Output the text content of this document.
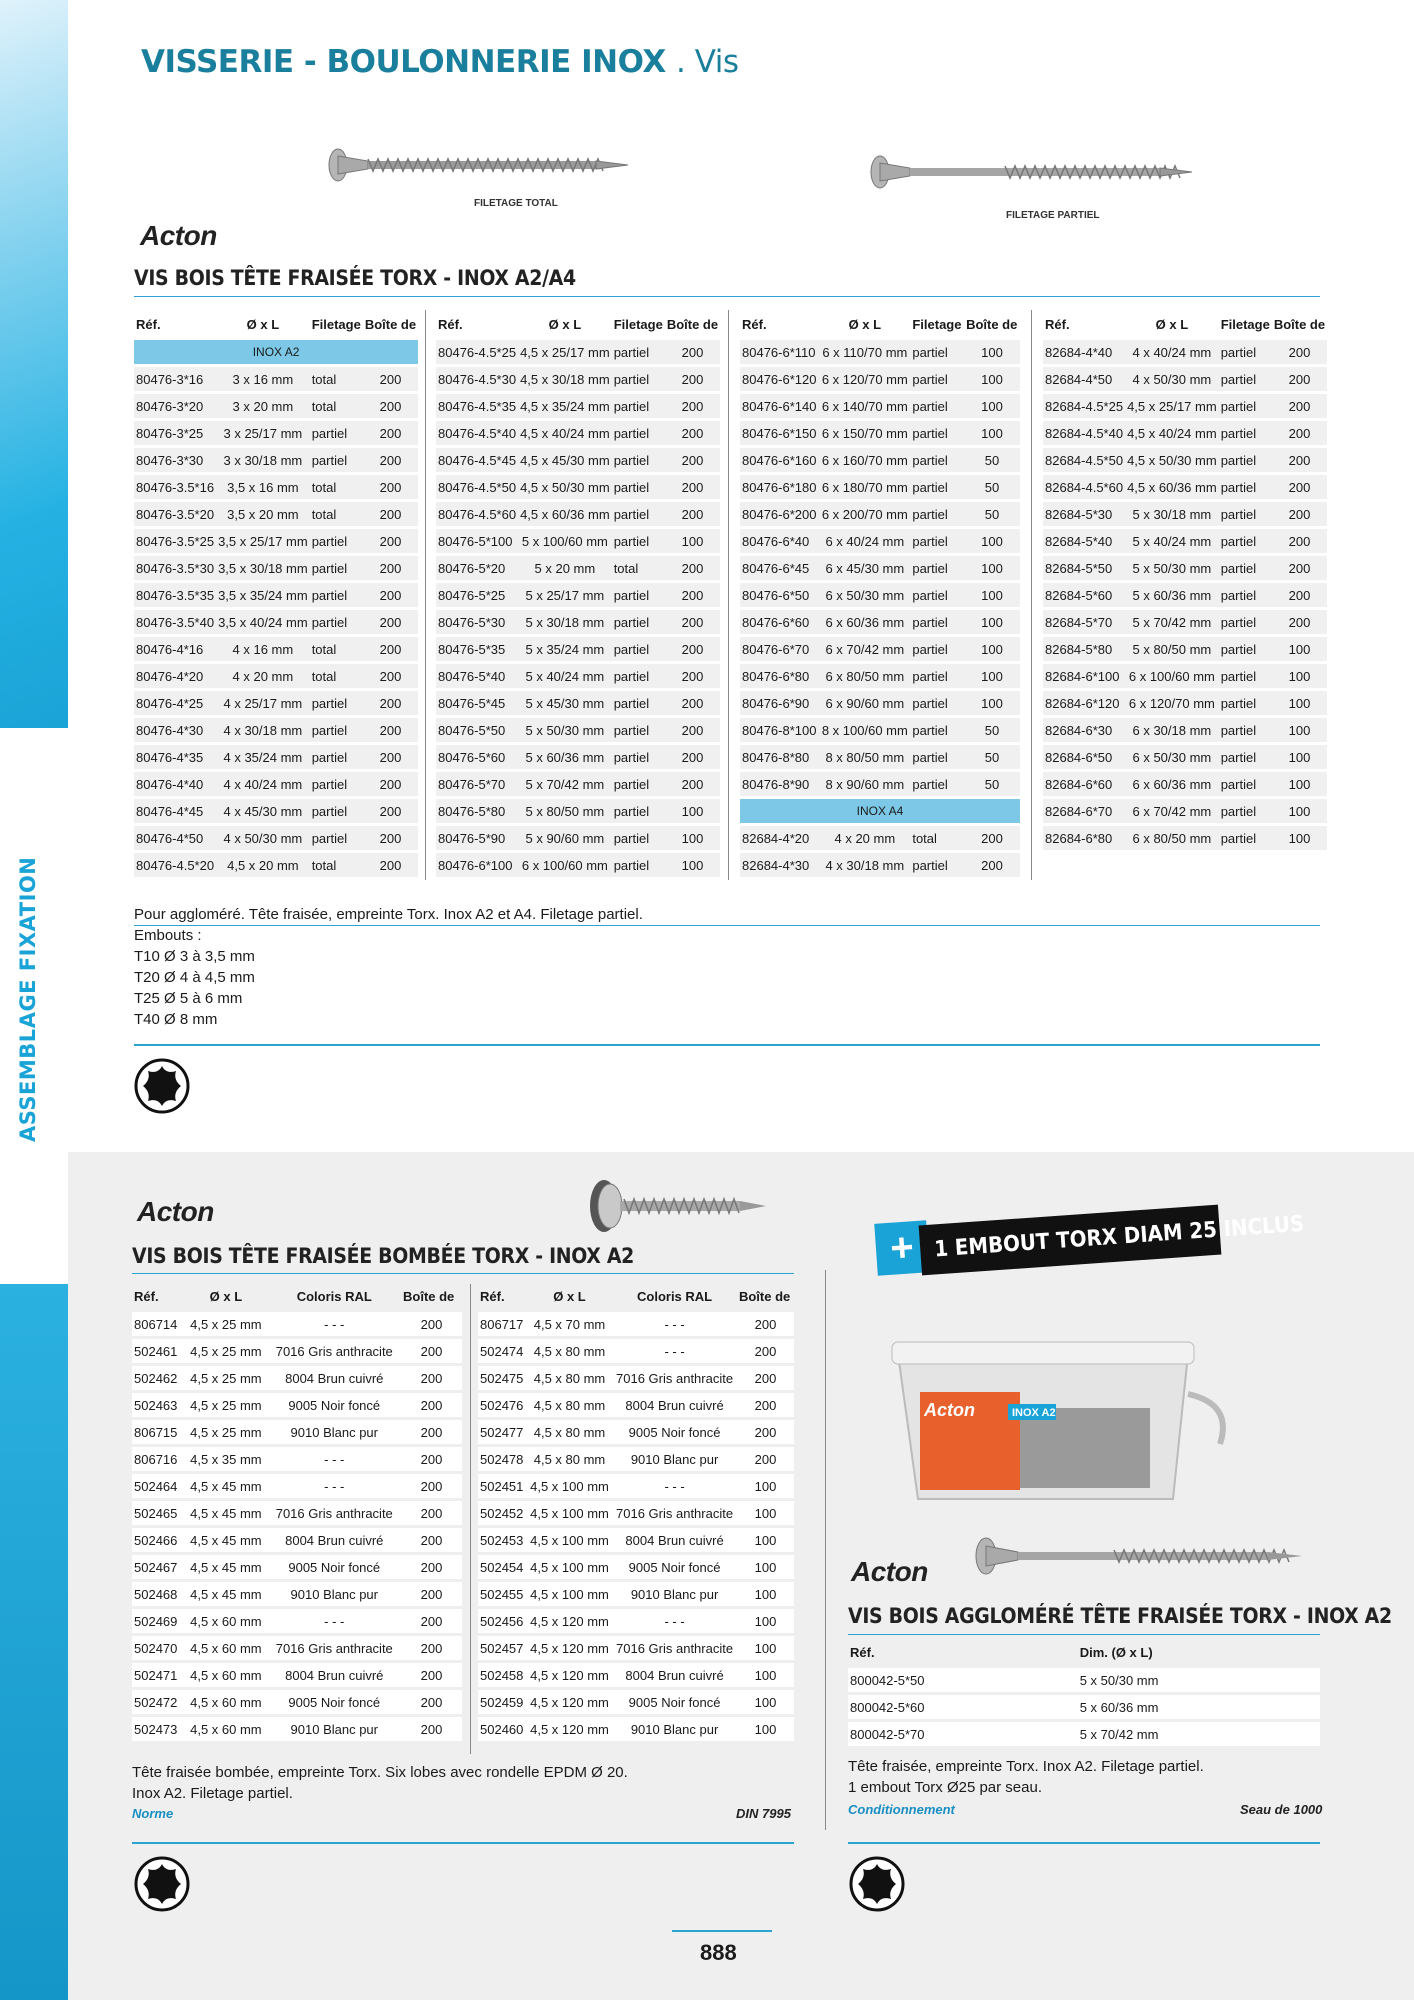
ASSEMBLAGE FIXATION
VISSERIE - BOULONNERIE INOX . Vis
FILETAGE TOTAL
FILETAGE PARTIEL
Acton
VIS BOIS TÊTE FRAISÉE TORX - INOX A2/A4
Réf.	Ø x L	Filetage	Boîte de
INOX A2			
80476-3*16	3 x 16 mm	total	200
80476-3*20	3 x 20 mm	total	200
80476-3*25	3 x 25/17 mm	partiel	200
80476-3*30	3 x 30/18 mm	partiel	200
80476-3.5*16	3,5 x 16 mm	total	200
80476-3.5*20	3,5 x 20 mm	total	200
80476-3.5*25	3,5 x 25/17 mm	partiel	200
80476-3.5*30	3,5 x 30/18 mm	partiel	200
80476-3.5*35	3,5 x 35/24 mm	partiel	200
80476-3.5*40	3,5 x 40/24 mm	partiel	200
80476-4*16	4 x 16 mm	total	200
80476-4*20	4 x 20 mm	total	200
80476-4*25	4 x 25/17 mm	partiel	200
80476-4*30	4 x 30/18 mm	partiel	200
80476-4*35	4 x 35/24 mm	partiel	200
80476-4*40	4 x 40/24 mm	partiel	200
80476-4*45	4 x 45/30 mm	partiel	200
80476-4*50	4 x 50/30 mm	partiel	200
80476-4.5*20	4,5 x 20 mm	total	200
Réf.	Ø x L	Filetage	Boîte de
80476-4.5*25	4,5 x 25/17 mm	partiel	200
80476-4.5*30	4,5 x 30/18 mm	partiel	200
80476-4.5*35	4,5 x 35/24 mm	partiel	200
80476-4.5*40	4,5 x 40/24 mm	partiel	200
80476-4.5*45	4,5 x 45/30 mm	partiel	200
80476-4.5*50	4,5 x 50/30 mm	partiel	200
80476-4.5*60	4,5 x 60/36 mm	partiel	200
80476-5*100	5 x 100/60 mm	partiel	100
80476-5*20	5 x 20 mm	total	200
80476-5*25	5 x 25/17 mm	partiel	200
80476-5*30	5 x 30/18 mm	partiel	200
80476-5*35	5 x 35/24 mm	partiel	200
80476-5*40	5 x 40/24 mm	partiel	200
80476-5*45	5 x 45/30 mm	partiel	200
80476-5*50	5 x 50/30 mm	partiel	200
80476-5*60	5 x 60/36 mm	partiel	200
80476-5*70	5 x 70/42 mm	partiel	200
80476-5*80	5 x 80/50 mm	partiel	100
80476-5*90	5 x 90/60 mm	partiel	100
80476-6*100	6 x 100/60 mm	partiel	100
Réf.	Ø x L	Filetage	Boîte de
80476-6*110	6 x 110/70 mm	partiel	100
80476-6*120	6 x 120/70 mm	partiel	100
80476-6*140	6 x 140/70 mm	partiel	100
80476-6*150	6 x 150/70 mm	partiel	100
80476-6*160	6 x 160/70 mm	partiel	50
80476-6*180	6 x 180/70 mm	partiel	50
80476-6*200	6 x 200/70 mm	partiel	50
80476-6*40	6 x 40/24 mm	partiel	100
80476-6*45	6 x 45/30 mm	partiel	100
80476-6*50	6 x 50/30 mm	partiel	100
80476-6*60	6 x 60/36 mm	partiel	100
80476-6*70	6 x 70/42 mm	partiel	100
80476-6*80	6 x 80/50 mm	partiel	100
80476-6*90	6 x 90/60 mm	partiel	100
80476-8*100	8 x 100/60 mm	partiel	50
80476-8*80	8 x 80/50 mm	partiel	50
80476-8*90	8 x 90/60 mm	partiel	50
INOX A4			
82684-4*20	4 x 20 mm	total	200
82684-4*30	4 x 30/18 mm	partiel	200
Réf.	Ø x L	Filetage	Boîte de
82684-4*40	4 x 40/24 mm	partiel	200
82684-4*50	4 x 50/30 mm	partiel	200
82684-4.5*25	4,5 x 25/17 mm	partiel	200
82684-4.5*40	4,5 x 40/24 mm	partiel	200
82684-4.5*50	4,5 x 50/30 mm	partiel	200
82684-4.5*60	4,5 x 60/36 mm	partiel	200
82684-5*30	5 x 30/18 mm	partiel	200
82684-5*40	5 x 40/24 mm	partiel	200
82684-5*50	5 x 50/30 mm	partiel	200
82684-5*60	5 x 60/36 mm	partiel	200
82684-5*70	5 x 70/42 mm	partiel	200
82684-5*80	5 x 80/50 mm	partiel	100
82684-6*100	6 x 100/60 mm	partiel	100
82684-6*120	6 x 120/70 mm	partiel	100
82684-6*30	6 x 30/18 mm	partiel	100
82684-6*50	6 x 50/30 mm	partiel	100
82684-6*60	6 x 60/36 mm	partiel	100
82684-6*70	6 x 70/42 mm	partiel	100
82684-6*80	6 x 80/50 mm	partiel	100
Pour aggloméré. Tête fraisée, empreinte Torx. Inox A2 et A4. Filetage partiel.
Embouts :
T10 Ø 3 à 3,5 mm
T20 Ø 4 à 4,5 mm
T25 Ø 5 à 6 mm
T40 Ø 8 mm
Acton
VIS BOIS TÊTE FRAISÉE BOMBÉE TORX - INOX A2
Réf.	Ø x L	Coloris RAL	Boîte de
806714	4,5 x 25 mm	- - -	200
502461	4,5 x 25 mm	7016 Gris anthracite	200
502462	4,5 x 25 mm	8004 Brun cuivré	200
502463	4,5 x 25 mm	9005 Noir foncé	200
806715	4,5 x 25 mm	9010 Blanc pur	200
806716	4,5 x 35 mm	- - -	200
502464	4,5 x 45 mm	- - -	200
502465	4,5 x 45 mm	7016 Gris anthracite	200
502466	4,5 x 45 mm	8004 Brun cuivré	200
502467	4,5 x 45 mm	9005 Noir foncé	200
502468	4,5 x 45 mm	9010 Blanc pur	200
502469	4,5 x 60 mm	- - -	200
502470	4,5 x 60 mm	7016 Gris anthracite	200
502471	4,5 x 60 mm	8004 Brun cuivré	200
502472	4,5 x 60 mm	9005 Noir foncé	200
502473	4,5 x 60 mm	9010 Blanc pur	200
Réf.	Ø x L	Coloris RAL	Boîte de
806717	4,5 x 70 mm	- - -	200
502474	4,5 x 80 mm	- - -	200
502475	4,5 x 80 mm	7016 Gris anthracite	200
502476	4,5 x 80 mm	8004 Brun cuivré	200
502477	4,5 x 80 mm	9005 Noir foncé	200
502478	4,5 x 80 mm	9010 Blanc pur	200
502451	4,5 x 100 mm	- - -	100
502452	4,5 x 100 mm	7016 Gris anthracite	100
502453	4,5 x 100 mm	8004 Brun cuivré	100
502454	4,5 x 100 mm	9005 Noir foncé	100
502455	4,5 x 100 mm	9010 Blanc pur	100
502456	4,5 x 120 mm	- - -	100
502457	4,5 x 120 mm	7016 Gris anthracite	100
502458	4,5 x 120 mm	8004 Brun cuivré	100
502459	4,5 x 120 mm	9005 Noir foncé	100
502460	4,5 x 120 mm	9010 Blanc pur	100
Tête fraisée bombée, empreinte Torx. Six lobes avec rondelle EPDM Ø 20.
Inox A2. Filetage partiel.
Norme	DIN 7995
+ 1 EMBOUT TORX DIAM 25 INCLUS
Acton	INOX A2
Acton
VIS BOIS AGGLOMÉRÉ TÊTE FRAISÉE TORX - INOX A2
Réf.	Dim. (Ø x L)
800042-5*50	5 x 50/30 mm
800042-5*60	5 x 60/36 mm
800042-5*70	5 x 70/42 mm
Tête fraisée, empreinte Torx. Inox A2. Filetage partiel.
1 embout Torx Ø25 par seau.
Conditionnement	Seau de 1000
888
